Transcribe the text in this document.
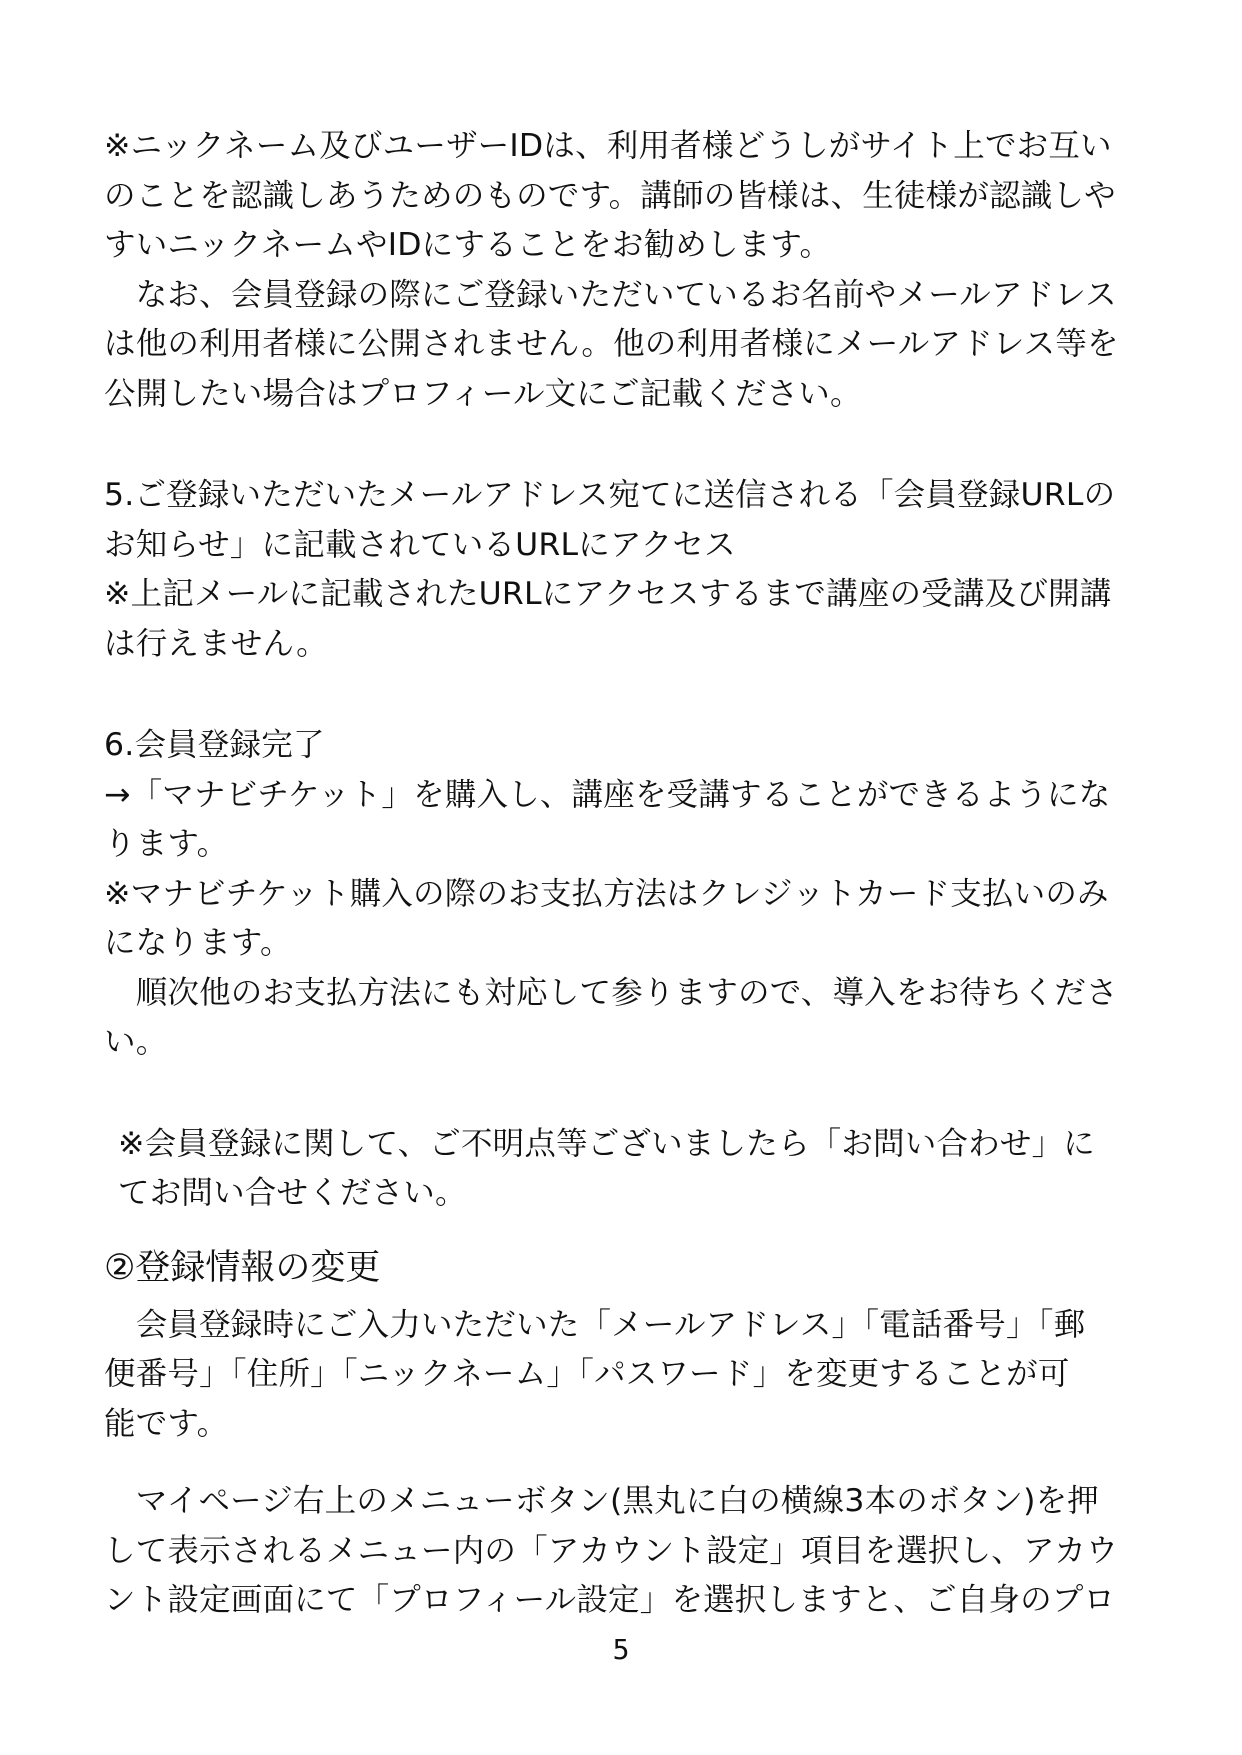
※ニックネーム及びユーザーIDは、利用者様どうしがサイト上でお互い
のことを認識しあうためのものです。講師の皆様は、生徒様が認識しや
すいニックネームやIDにすることをお勧めします。
　なお、会員登録の際にご登録いただいているお名前やメールアドレス
は他の利用者様に公開されません。他の利用者様にメールアドレス等を
公開したい場合はプロフィール文にご記載ください。
5.ご登録いただいたメールアドレス宛てに送信される「会員登録URLの
お知らせ」に記載されているURLにアクセス
※上記メールに記載されたURLにアクセスするまで講座の受講及び開講
は行えません。
6.会員登録完了
→「マナビチケット」を購入し、講座を受講することができるようにな
ります。
※マナビチケット購入の際のお支払方法はクレジットカード支払いのみ
になります。
　順次他のお支払方法にも対応して参りますので、導入をお待ちくださ
い。
※会員登録に関して、ご不明点等ございましたら「お問い合わせ」に
てお問い合せください。
②登録情報の変更
　会員登録時にご入力いただいた「メールアドレス」「電話番号」「郵
便番号」「住所」「ニックネーム」「パスワード」を変更することが可
能です。
　マイページ右上のメニューボタン(黒丸に白の横線3本のボタン)を押
して表示されるメニュー内の「アカウント設定」項目を選択し、アカウ
ント設定画面にて「プロフィール設定」を選択しますと、ご自身のプロ
5
